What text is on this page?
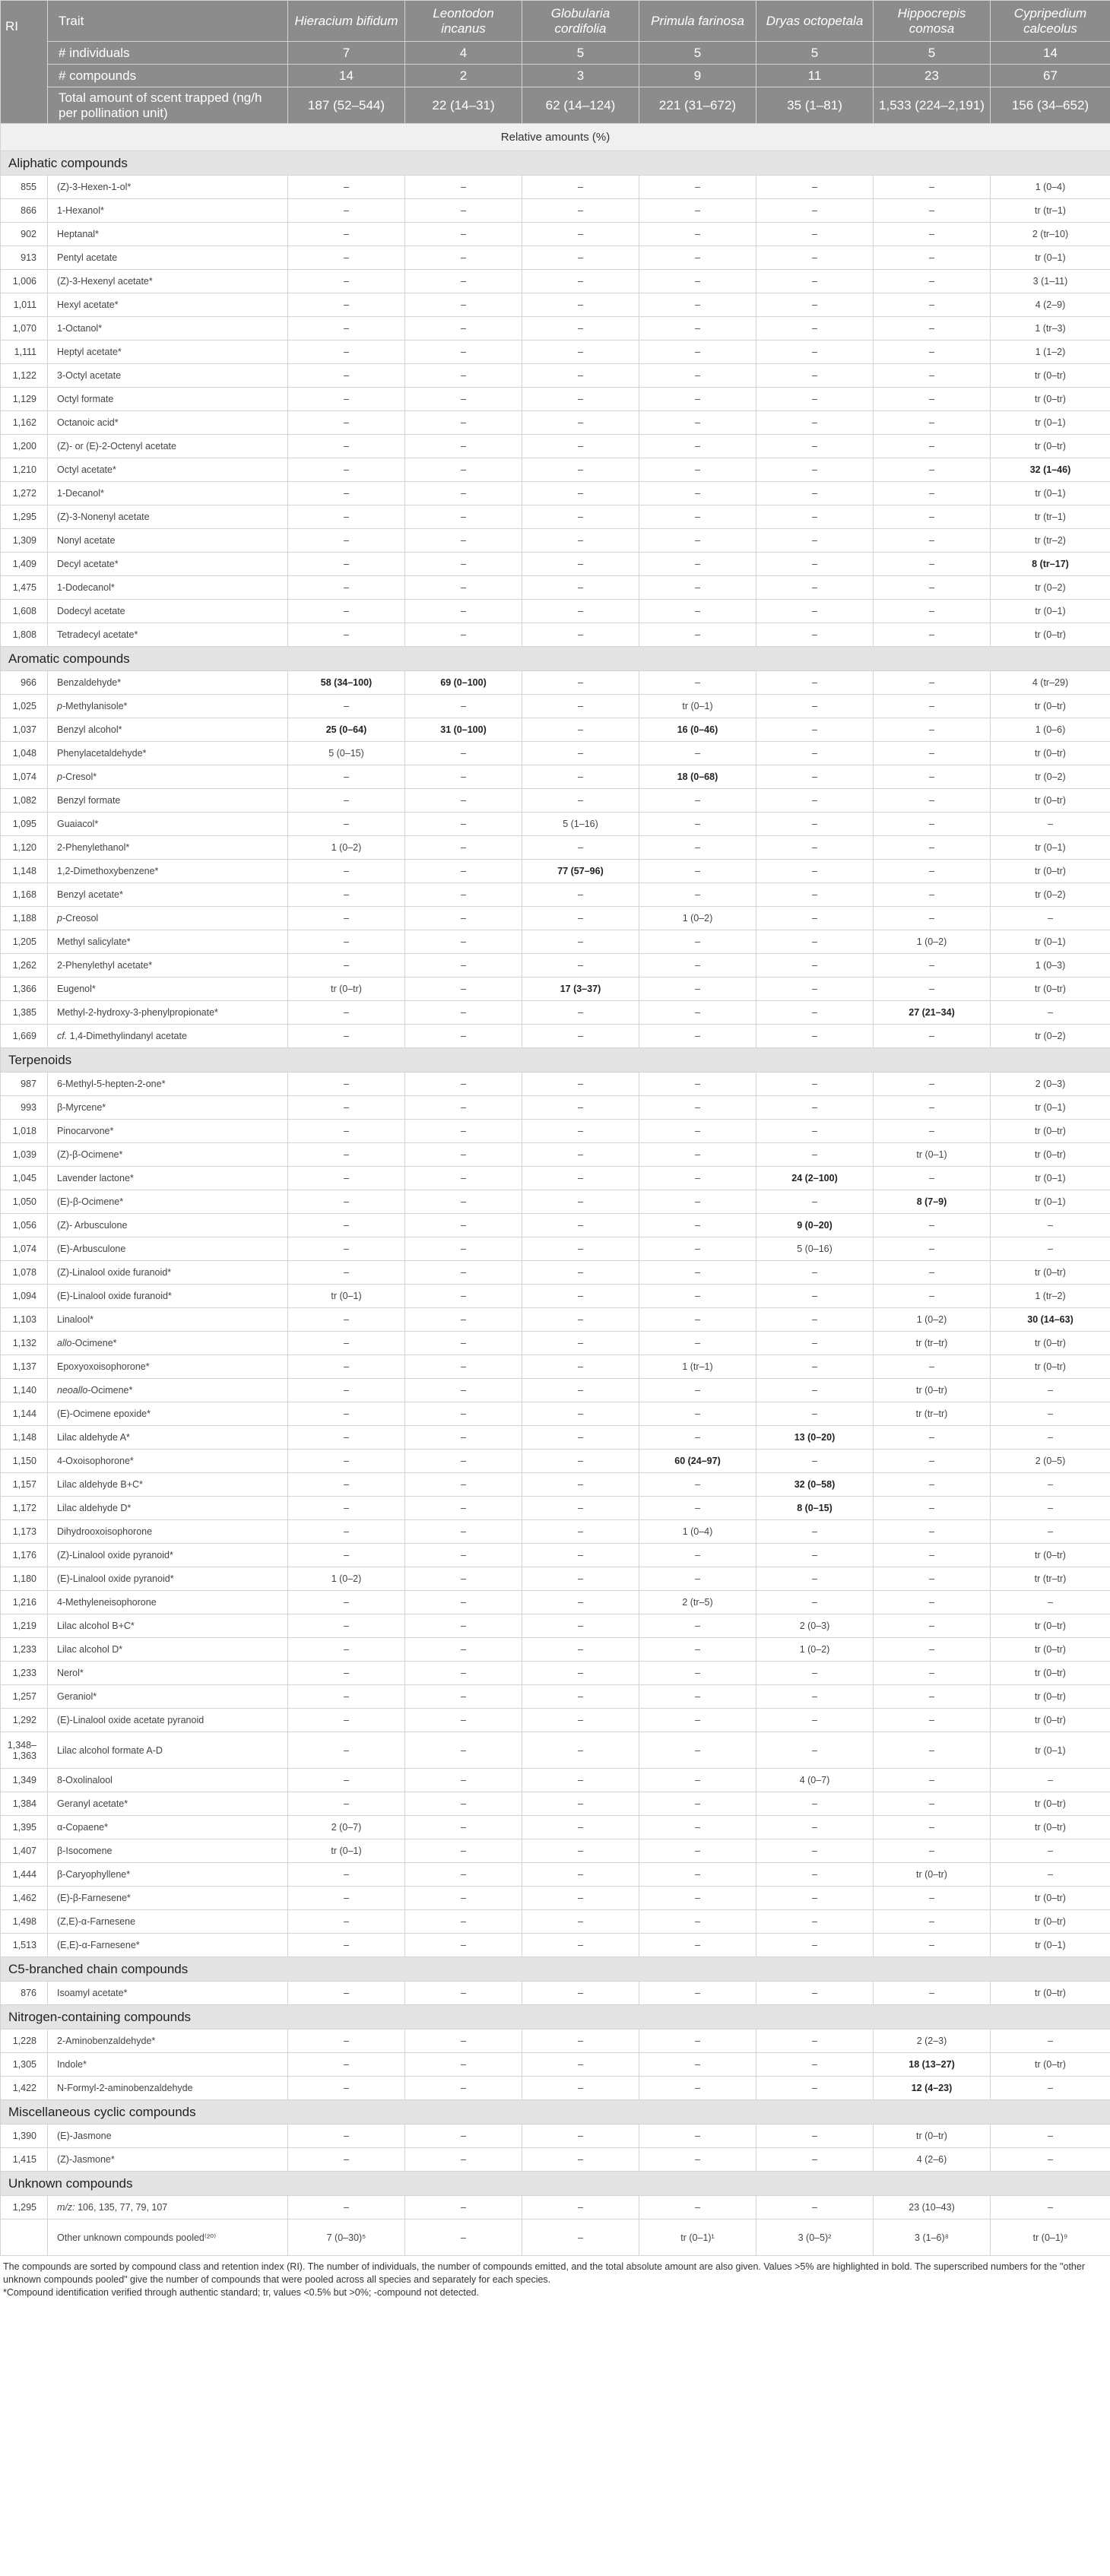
RI	Trait	Hieracium bifidum	Leontodon incanus	Globularia cordifolia	Primula farinosa	Dryas octopetala	Hippocrepis comosa	Cypripedium calceolus
	# individuals	7	4	5	5	5	5	14
	# compounds	14	2	3	9	11	23	67
	Total amount of scent trapped (ng/h per pollination unit)	187 (52–544)	22 (14–31)	62 (14–124)	221 (31–672)	35 (1–81)	1,533 (224–2,191)	156 (34–652)
Relative amounts (%)								
Aliphatic compounds								
855	(Z)-3-Hexen-1-ol*	–	–	–	–	–	–	1 (0–4)
866	1-Hexanol*	–	–	–	–	–	–	tr (tr–1)
902	Heptanal*	–	–	–	–	–	–	2 (tr–10)
913	Pentyl acetate	–	–	–	–	–	–	tr (0–1)
1,006	(Z)-3-Hexenyl acetate*	–	–	–	–	–	–	3 (1–11)
1,011	Hexyl acetate*	–	–	–	–	–	–	4 (2–9)
1,070	1-Octanol*	–	–	–	–	–	–	1 (tr–3)
1,111	Heptyl acetate*	–	–	–	–	–	–	1 (1–2)
1,122	3-Octyl acetate	–	–	–	–	–	–	tr (0–tr)
1,129	Octyl formate	–	–	–	–	–	–	tr (0–tr)
1,162	Octanoic acid*	–	–	–	–	–	–	tr (0–1)
1,200	(Z)- or (E)-2-Octenyl acetate	–	–	–	–	–	–	tr (0–tr)
1,210	Octyl acetate*	–	–	–	–	–	–	32 (1–46)
1,272	1-Decanol*	–	–	–	–	–	–	tr (0–1)
1,295	(Z)-3-Nonenyl acetate	–	–	–	–	–	–	tr (tr–1)
1,309	Nonyl acetate	–	–	–	–	–	–	tr (tr–2)
1,409	Decyl acetate*	–	–	–	–	–	–	8 (tr–17)
1,475	1-Dodecanol*	–	–	–	–	–	–	tr (0–2)
1,608	Dodecyl acetate	–	–	–	–	–	–	tr (0–1)
1,808	Tetradecyl acetate*	–	–	–	–	–	–	tr (0–tr)
Aromatic compounds								
966	Benzaldehyde*	58 (34–100)	69 (0–100)	–	–	–	–	4 (tr–29)
1,025	p-Methylanisole*	–	–	–	tr (0–1)	–	–	tr (0–tr)
1,037	Benzyl alcohol*	25 (0–64)	31 (0–100)	–	16 (0–46)	–	–	1 (0–6)
1,048	Phenylacetaldehyde*	5 (0–15)	–	–	–	–	–	tr (0–tr)
1,074	p-Cresol*	–	–	–	18 (0–68)	–	–	tr (0–2)
1,082	Benzyl formate	–	–	–	–	–	–	tr (0–tr)
1,095	Guaiacol*	–	–	5 (1–16)	–	–	–	–
1,120	2-Phenylethanol*	1 (0–2)	–	–	–	–	–	tr (0–1)
1,148	1,2-Dimethoxybenzene*	–	–	77 (57–96)	–	–	–	tr (0–tr)
1,168	Benzyl acetate*	–	–	–	–	–	–	tr (0–2)
1,188	p-Creosol	–	–	–	1 (0–2)	–	–	–
1,205	Methyl salicylate*	–	–	–	–	–	1 (0–2)	tr (0–1)
1,262	2-Phenylethyl acetate*	–	–	–	–	–	–	1 (0–3)
1,366	Eugenol*	tr (0–tr)	–	17 (3–37)	–	–	–	tr (0–tr)
1,385	Methyl-2-hydroxy-3-phenylpropionate*	–	–	–	–	–	27 (21–34)	–
1,669	cf. 1,4-Dimethylindanyl acetate	–	–	–	–	–	–	tr (0–2)
Terpenoids								
987	6-Methyl-5-hepten-2-one*	–	–	–	–	–	–	2 (0–3)
993	β-Myrcene*	–	–	–	–	–	–	tr (0–1)
1,018	Pinocarvone*	–	–	–	–	–	–	tr (0–tr)
1,039	(Z)-β-Ocimene*	–	–	–	–	–	tr (0–1)	tr (0–tr)
1,045	Lavender lactone*	–	–	–	–	24 (2–100)	–	tr (0–1)
1,050	(E)-β-Ocimene*	–	–	–	–	–	8 (7–9)	tr (0–1)
1,056	(Z)- Arbusculone	–	–	–	–	9 (0–20)	–	–
1,074	(E)-Arbusculone	–	–	–	–	5 (0–16)	–	–
1,078	(Z)-Linalool oxide furanoid*	–	–	–	–	–	–	tr (0–tr)
1,094	(E)-Linalool oxide furanoid*	tr (0–1)	–	–	–	–	–	1 (tr–2)
1,103	Linalool*	–	–	–	–	–	1 (0–2)	30 (14–63)
1,132	allo-Ocimene*	–	–	–	–	–	tr (tr–tr)	tr (0–tr)
1,137	Epoxyoxoisophorone*	–	–	–	1 (tr–1)	–	–	tr (0–tr)
1,140	neoallo-Ocimene*	–	–	–	–	–	tr (0–tr)	–
1,144	(E)-Ocimene epoxide*	–	–	–	–	–	tr (tr–tr)	–
1,148	Lilac aldehyde A*	–	–	–	–	13 (0–20)	–	–
1,150	4-Oxoisophorone*	–	–	–	60 (24–97)	–	–	2 (0–5)
1,157	Lilac aldehyde B+C*	–	–	–	–	32 (0–58)	–	–
1,172	Lilac aldehyde D*	–	–	–	–	8 (0–15)	–	–
1,173	Dihydrooxoisophorone	–	–	–	1 (0–4)	–	–	–
1,176	(Z)-Linalool oxide pyranoid*	–	–	–	–	–	–	tr (0–tr)
1,180	(E)-Linalool oxide pyranoid*	1 (0–2)	–	–	–	–	–	tr (tr–tr)
1,216	4-Methyleneisophorone	–	–	–	2 (tr–5)	–	–	–
1,219	Lilac alcohol B+C*	–	–	–	–	2 (0–3)	–	tr (0–tr)
1,233	Lilac alcohol D*	–	–	–	–	1 (0–2)	–	tr (0–tr)
1,233	Nerol*	–	–	–	–	–	–	tr (0–tr)
1,257	Geraniol*	–	–	–	–	–	–	tr (0–tr)
1,292	(E)-Linalool oxide acetate pyranoid	–	–	–	–	–	–	tr (0–tr)
1,348– 1,363	Lilac alcohol formate A-D	–	–	–	–	–	–	tr (0–1)
1,349	8-Oxolinalool	–	–	–	–	4 (0–7)	–	–
1,384	Geranyl acetate*	–	–	–	–	–	–	tr (0–tr)
1,395	α-Copaene*	2 (0–7)	–	–	–	–	–	tr (0–tr)
1,407	β-Isocomene	tr (0–1)	–	–	–	–	–	–
1,444	β-Caryophyllene*	–	–	–	–	–	tr (0–tr)	–
1,462	(E)-β-Farnesene*	–	–	–	–	–	–	tr (0–tr)
1,498	(Z,E)-α-Farnesene	–	–	–	–	–	–	tr (0–tr)
1,513	(E,E)-α-Farnesene*	–	–	–	–	–	–	tr (0–1)
C5-branched chain compounds								
876	Isoamyl acetate*	–	–	–	–	–	–	tr (0–tr)
Nitrogen-containing compounds								
1,228	2-Aminobenzaldehyde*	–	–	–	–	–	2 (2–3)	–
1,305	Indole*	–	–	–	–	–	18 (13–27)	tr (0–tr)
1,422	N-Formyl-2-aminobenzaldehyde	–	–	–	–	–	12 (4–23)	–
Miscellaneous cyclic compounds								
1,390	(E)-Jasmone	–	–	–	–	–	tr (0–tr)	–
1,415	(Z)-Jasmone*	–	–	–	–	–	4 (2–6)	–
Unknown compounds								
1,295	m/z: 106, 135, 77, 79, 107	–	–	–	–	–	23 (10–43)	–
	Other unknown compounds pooled⁽²⁰⁾	7 (0–30)⁵	–	–	tr (0–1)¹	3 (0–5)²	3 (1–6)⁸	tr (0–1)⁹
The compounds are sorted by compound class and retention index (RI). The number of individuals, the number of compounds emitted, and the total absolute amount are also given. Values >5% are highlighted in bold. The superscribed numbers for the "other unknown compounds pooled" give the number of compounds that were pooled across all species and separately for each species.
*Compound identification verified through authentic standard; tr, values <0.5% but >0%; -compound not detected.
